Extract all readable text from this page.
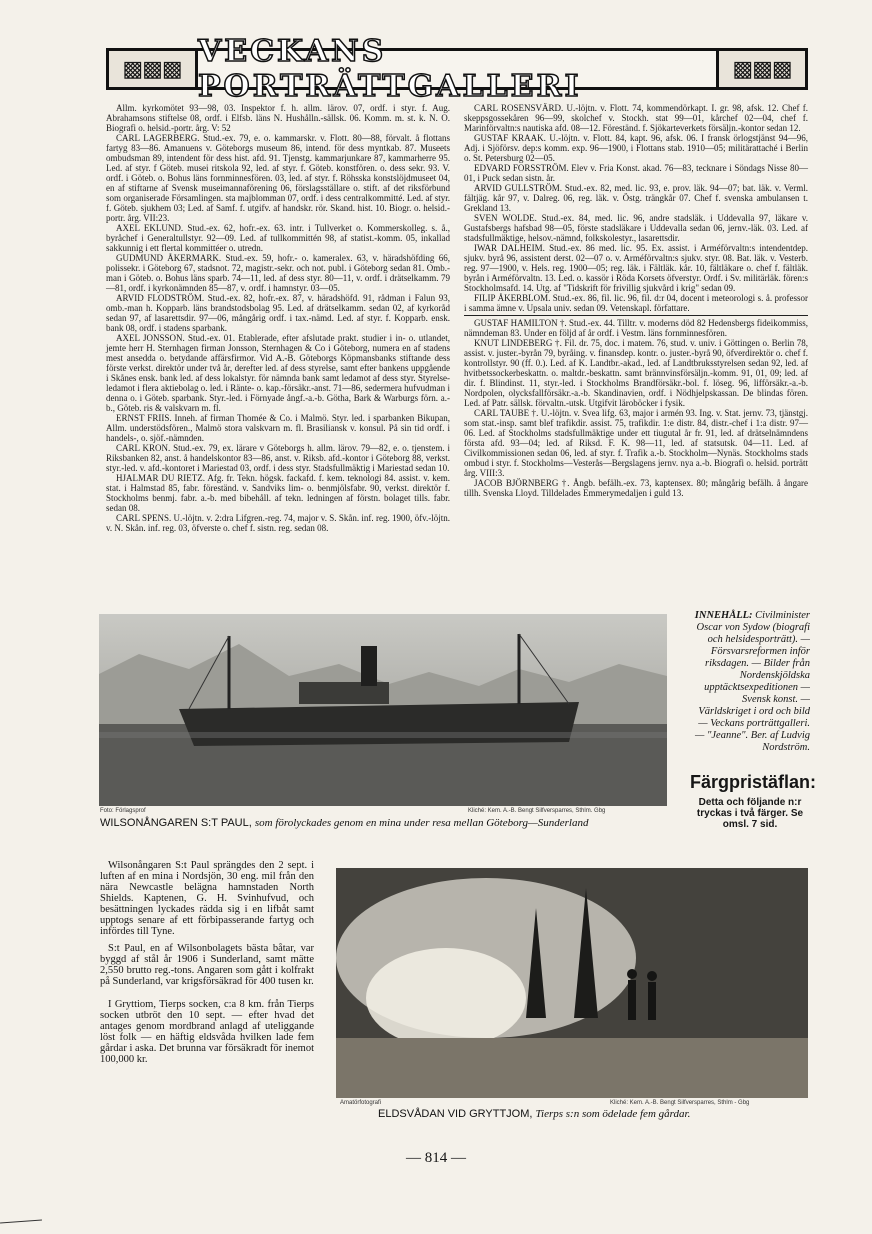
▩▩▩ VECKANS PORTRÄTTGALLERI	▩▩▩

Allm. kyrkomötet 93—98, 03. Inspektor f. h. allm. lärov. 07, ordf. i styr. f. Aug. Abrahamsons stiftelse 08, ordf. i Elfsb. läns N. Hushålln.-sällsk. 06. Komm. m. st. k. N. O. Biografi o. helsid.-portr. årg. V: 52

CARL LAGERBERG. Stud.-ex. 79, e. o. kammarskr. v. Flott. 80—88, förvalt. å flottans fartyg 83—86. Amanuens v. Göteborgs museum 86, intend. för dess myntkab. 87. Museets ombudsman 89, intendent för dess hist. afd. 91. Tjenstg. kammarjunkare 87, kammarherre 95. Led. af styr. f Göteb. musei ritskola 92, led. af styr. f. Göteb. konstfören. o. dess sekr. 93. V. ordf. i Göteb. o. Bohus läns fornminnesfören. 03, led. af styr. f. Röhsska konstslöjdmuseet 04, en af stiftarne af Svensk museimannaförening 06, förslagsställare o. stift. af det riksförbund som organiserade Församlingen. sta majblomman 07, ordf. i dess centralkommitté. Led. af styr. f. Göteb. sjukhem 03; Led. af Samf. f. utgifv. af handskr. rör. Skand. hist. 10. Biogr. o. helsid.-portr. årg. VII:23.

AXEL EKLUND. Stud.-ex. 62, hofr.-ex. 63. intr. i Tullverket o. Kommerskolleg. s. å., byråchef i Generaltullstyr. 92—09. Led. af tullkommittén 98, af statist.-komm. 05, inkallad sakkunnig i ett flertal kommittéer o. utredn.

GUDMUND ÅKERMARK. Stud.-ex. 59, hofr.- o. kameralex. 63, v. häradshöfding 66, polissekr. i Göteborg 67, stadsnot. 72, magistr.-sekr. och not. publ. i Göteborg sedan 81. Omb.-man i Göteb. o. Bohus läns sparb. 74—11, led. af dess styr. 80—11, v. ordf. i drätselkamm. 79—81, ordf. i kyrkonämnden 85—87, v. ordf. i hamnstyr. 03—05.

ARVID FLODSTRÖM. Stud.-ex. 82, hofr.-ex. 87, v. häradshöfd. 91, rådman i Falun 93, omb.-man h. Kopparb. läns brandstodsbolag 95. Led. af drätselkamm. sedan 02, af kyrkoråd sedan 97, af lasarettsdir. 97—06, mångårig ordf. i tax.-nämd. Led. af styr. f. Kopparb. ensk. bank 08, ordf. i stadens sparbank.

AXEL JONSSON. Stud.-ex. 01. Etablerade, efter afslutade prakt. studier i in- o. utlandet, jemte herr H. Sternhagen firman Jonsson, Sternhagen & Co i Göteborg, numera en af stadens mest ansedda o. betydande affärsfirmor. Vid A.-B. Göteborgs Köpmansbanks stiftande dess förste verkst. direktör under två år, derefter led. af dess styrelse, samt efter bankens uppgående i Skånes ensk. bank led. af dess lokalstyr. för nämnda bank samt ledamot af dess styr. Styrelse-ledamot i flera aktiebolag o. led. i Ränte- o. kap.-försäkr.-anst. 71—86, sedermera hufvudman i denna o. i Göteb. sparbank. Styr.-led. i Förnyade ångf.-a.-b. Götha, Bark & Warburgs förn. a.-b., Göteb. ris & valskvarn m. fl.

ERNST FRIIS. Inneh. af firman Thomée & Co. i Malmö. Styr. led. i sparbanken Bikupan, Allm. understödsfören., Malmö stora valskvarn m. fl. Brasiliansk v. konsul. På sin tid ordf. i handels-, o. sjöf.-nämnden.

CARL KRON. Stud.-ex. 79, ex. lärare v Göteborgs h. allm. lärov. 79—82, e. o. tjenstem. i Riksbanken 82, anst. å handelskontor 83—86, anst. v. Riksb. afd.-kontor i Göteborg 88, verkst. styr.-led. v. afd.-kontoret i Mariestad 03, ordf. i dess styr. Stadsfullmäktig i Mariestad sedan 10.

HJALMAR DU RIETZ. Afg. fr. Tekn. högsk. fackafd. f. kem. teknologi 84. assist. v. kem. stat. i Halmstad 85, fabr. föreständ. v. Sandviks lim- o. benmjölsfabr. 90, verkst. direktör f. Stockholms benmj. fabr. a.-b. med bibehåll. af tekn. ledningen af förstn. bolaget tills. fabr. sedan 08.

CARL SPENS. U.-löjtn. v. 2:dra Lifgren.-reg. 74, major v. S. Skån. inf. reg. 1900, öfv.-löjtn. v. N. Skån. inf. reg. 03, öfverste o. chef f. sistn. reg. sedan 08.

CARL ROSENSVÄRD. U.-löjtn. v. Flott. 74, kommendörkapt. I. gr. 98, afsk. 12. Chef f. skeppsgossekåren 96—99, skolchef v. Stockh. stat 99—01, kårchef 02—04, chef f. Marinförvaltn:s nautiska afd. 08—12. Föreständ. f. Sjökarteverkets försäljn.-kontor sedan 12.

GUSTAF KRAAK. U.-löjtn. v. Flott. 84, kapt. 96, afsk. 06. I fransk örlogstjänst 94—96, Adj. i Sjöförsv. dep:s komm. exp. 96—1900, i Flottans stab. 1910—05; militärattaché i Berlin o. St. Petersburg 02—05.

EDVARD FORSSTRÖM. Elev v. Fria Konst. akad. 76—83, tecknare i Söndags Nisse 80—01, i Puck sedan sistn. år.

ARVID GULLSTRÖM. Stud.-ex. 82, med. lic. 93, e. prov. läk. 94—07; bat. läk. v. Verml. fältjäg. kår 97, v. Dalreg. 06, reg. läk. v. Östg. trängkår 07. Chef f. svenska ambulansen t. Grekland 13.

SVEN WOLDE. Stud.-ex. 84, med. lic. 96, andre stadsläk. i Uddevalla 97, läkare v. Gustafsbergs hafsbad 98—05, förste stadsläkare i Uddevalla sedan 06, jernv.-läk. 03. Led. af stadsfullmäktige, helsov.-nämnd, folkskolestyr., lasarettsdir.

IWAR DALHEIM. Stud.-ex. 86 med. lic. 95. Ex. assist. i Arméförvaltn:s intendentdep. sjukv. byrå 96, assistent derst. 02—07 o. v. Arméförvaltn:s sjukv. styr. 08. Bat. läk. v. Vesterb. reg. 97—1900, v. Hels. reg. 1900—05; reg. läk. i Fältläk. kår. 10, fältläkare o. chef f. fältläk. byrån i Arméförvaltn. 13. Led. o. kassör i Röda Korsets öfverstyr. Ordf. i Sv. militärläk. fören:s Stockholmsafd. 14. Utg. af "Tidskrift för frivillig sjukvård i krig" sedan 09.

FILIP ÅKERBLOM. Stud.-ex. 86, fil. lic. 96, fil. d:r 04, docent i meteorologi s. å. professor i samma ämne v. Upsala univ. sedan 09. Vetenskapl. författare.

GUSTAF HAMILTON †. Stud.-ex. 44. Tilltr. v. moderns död 82 Hedensbergs fideikommiss, nämndeman 83. Under en följd af år ordf. i Vestm. läns fornminnesfören.

KNUT LINDEBERG †. Fil. dr. 75, doc. i matem. 76, stud. v. univ. i Göttingen o. Berlin 78, assist. v. juster.-byrån 79, byråing. v. finansdep. kontr. o. juster.-byrå 90, öfverdirektör o. chef f. kontrollstyr. 90 (ff. 0.). Led. af K. Landtbr.-akad., led. af Landtbruksstyrelsen sedan 92, led. af hvitbetssockerbeskattn. o. maltdr.-beskattn. samt brännvinsförsäljn.-komm. 91, 01, 09; led. af dir. f. Blindinst. 11, styr.-led. i Stockholms Brandförsäkr.-bol. f. löseg. 96, lifförsäkr.-a.-b. Nordpolen, olycksfallförsäkr.-a.-b. Skandinavien, ordf. i Nödhjelpskassan. De blindas fören. Led. af Patr. sällsk. förvaltn.-utsk. Utgifvit läroböcker i fysik.

CARL TAUBE †. U.-löjtn. v. Svea lifg. 63, major i armén 93. Ing. v. Stat. jernv. 73, tjänstgj. som stat.-insp. samt blef trafikdir. assist. 75, trafikdir. 1:e distr. 84, distr.-chef i 1:a distr. 97—06. Led. af Stockholms stadsfullmäktige under ett tiugutal år fr. 91, led. af drätselnämndens första afd. 93—04; led. af Riksd. F. K. 98—11, led. af statsutsk. 04—11. Led. af Civilkommissionen sedan 06, led. af styr. f. Trafik a.-b. Stockholm—Nynäs. Stockholms stads ombud i styr. f. Stockholms—Vesterås—Bergslagens jernv. nya a.-b. Biografi o. helsid. porträtt årg. VIII:3.

JACOB BJÖRNBERG †. Ångb. befälh.-ex. 73, kaptensex. 80; mångårig befälh. å ångare tillh. Svenska Lloyd. Tilldelades Emmerymedaljen i guld 13.

Foto: Förlagsprof	Kliché: Kem. A.-B. Bengt Silfversparres, Sthlm. Gbg
WILSONÅNGAREN S:T PAUL, som förolyckades genom en mina under resa mellan Göteborg—Sunderland
INNEHÅLL: Civilminister Oscar von Sydow (biografi och helsidesporträtt). — Försvarsreformen inför riksdagen. — Bilder från Nordenskjöldska upptäcktsexpeditionen — Svensk konst. — Världskriget i ord och bild — Veckans porträttgalleri. — "Jeanne". Ber. af Ludvig Nordström.
Färgpristäflan:
Detta och följande n:r tryckas i två färger. Se omsl. 7 sid.

Wilsonångaren S:t Paul sprängdes den 2 sept. i luften af en mina i Nordsjön, 30 eng. mil från den nära Newcastle belägna hamnstaden North Shields. Kaptenen, G. H. Svinhufvud, och besättningen lyckades rädda sig i en lifbåt samt upptogs senare af ett förbipasserande fartyg och infördes till Tyne.

S:t Paul, en af Wilsonbolagets bästa båtar, var byggd af stål år 1906 i Sunderland, samt mätte 2,550 brutto reg.-tons. Angaren som gått i kolfrakt på Sunderland, var krigsförsäkrad för 400 tusen kr.

I Gryttiom, Tierps socken, c:a 8 km. från Tierps socken utbröt den 10 sept. — efter hvad det antages genom mordbrand anlagd af uteliggande löst folk — en häftig eldsvåda hvilken lade fem gårdar i aska. Det brunna var försäkradt för inemot 100,000 kr.

Amatörfotografi	Kliché: Kem. A.-B. Bengt Silfversparres, Sthlm - Gbg
ELDSVÅDAN VID GRYTTJOM, Tierps s:n som ödelade fem gårdar.
— 814 —
